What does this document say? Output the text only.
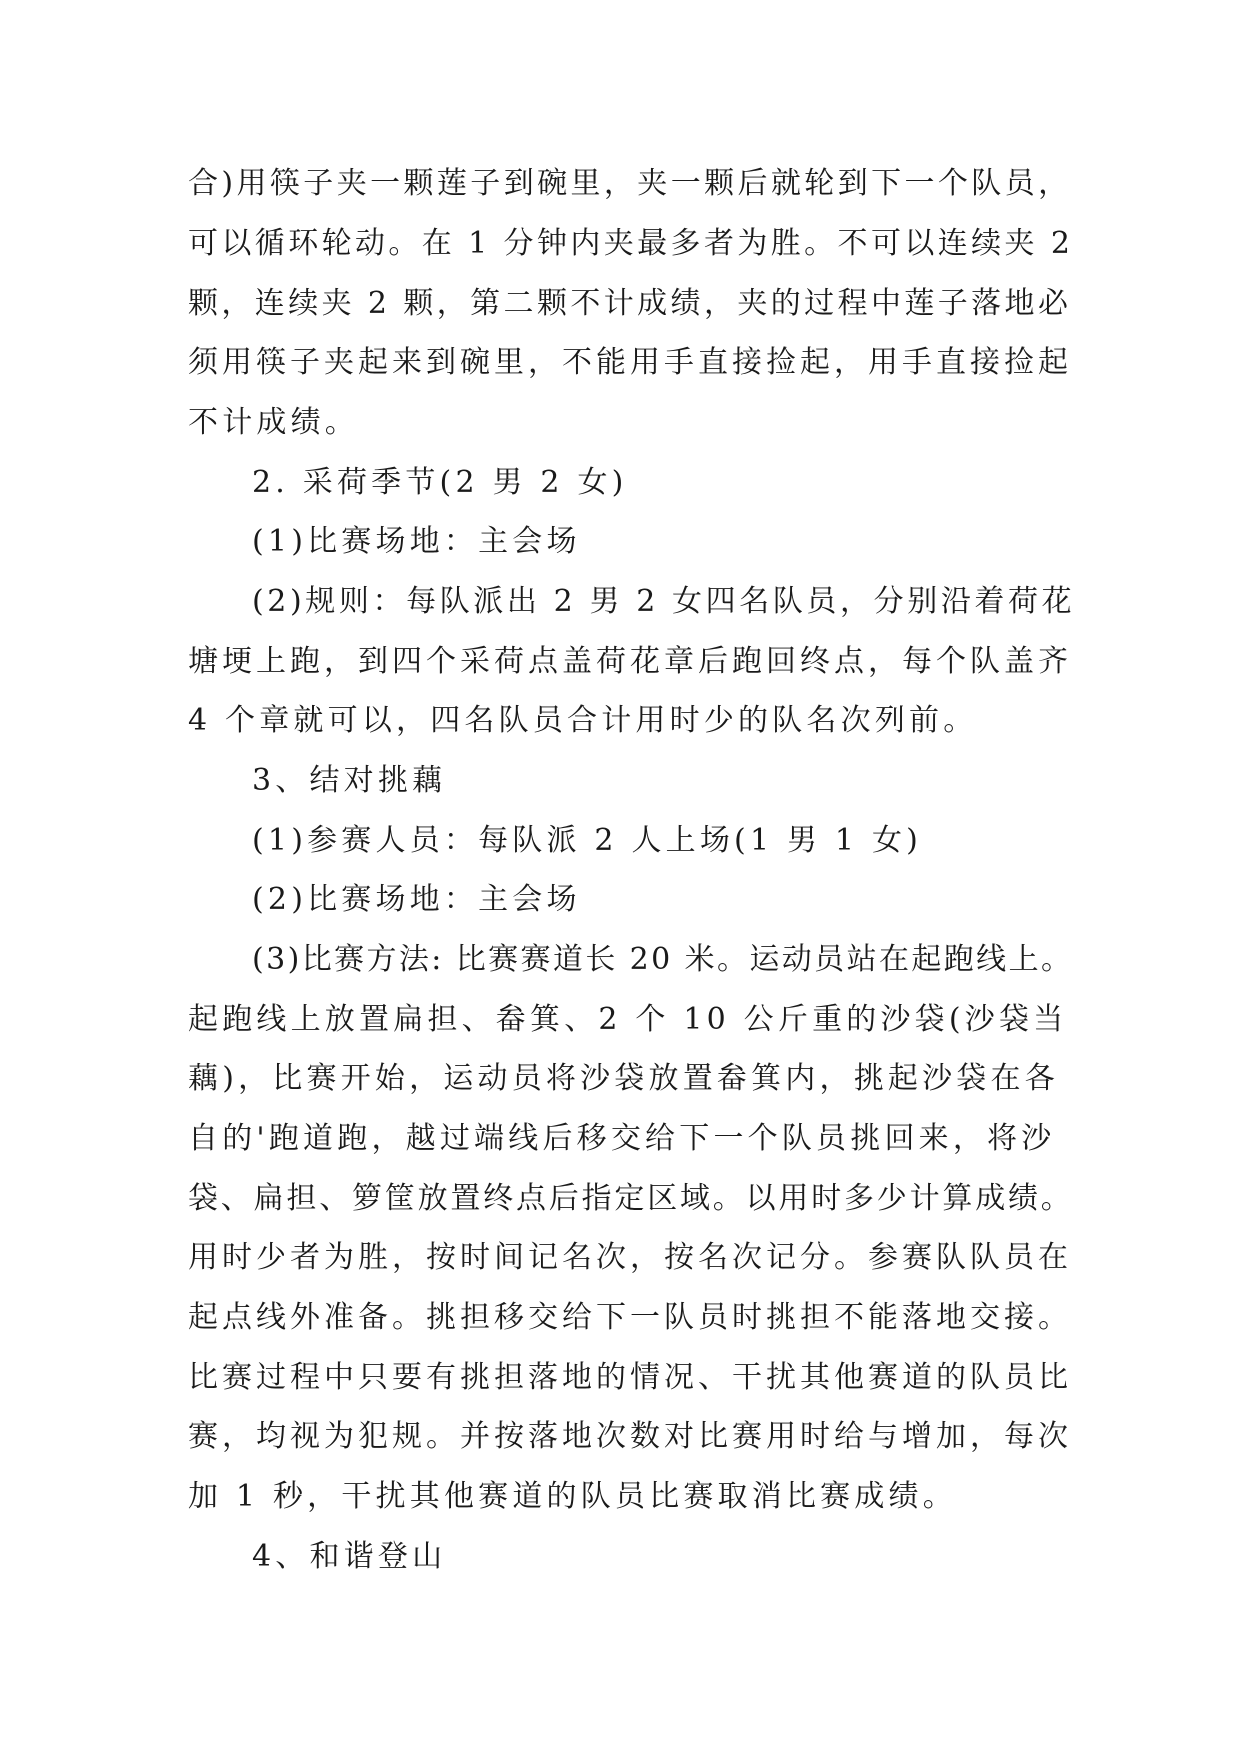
合)用筷子夹一颗莲子到碗里，夹一颗后就轮到下一个队员，
可以循环轮动。在 1 分钟内夹最多者为胜。不可以连续夹 2
颗，连续夹 2 颗，第二颗不计成绩，夹的过程中莲子落地必
须用筷子夹起来到碗里，不能用手直接捡起，用手直接捡起
不计成绩。
2. 采荷季节(2 男 2 女)
(1)比赛场地：主会场
(2)规则：每队派出 2 男 2 女四名队员，分别沿着荷花
塘埂上跑，到四个采荷点盖荷花章后跑回终点，每个队盖齐
4 个章就可以，四名队员合计用时少的队名次列前。
3、结对挑藕
(1)参赛人员：每队派 2 人上场(1 男 1 女)
(2)比赛场地：主会场
(3)比赛方法: 比赛赛道长 20 米。运动员站在起跑线上。
起跑线上放置扁担、畚箕、2 个 10 公斤重的沙袋(沙袋当
藕)，比赛开始，运动员将沙袋放置畚箕内，挑起沙袋在各
自的'跑道跑，越过端线后移交给下一个队员挑回来，将沙
袋、扁担、箩筐放置终点后指定区域。以用时多少计算成绩。
用时少者为胜，按时间记名次，按名次记分。参赛队队员在
起点线外准备。挑担移交给下一队员时挑担不能落地交接。
比赛过程中只要有挑担落地的情况、干扰其他赛道的队员比
赛，均视为犯规。并按落地次数对比赛用时给与增加，每次
加 1 秒，干扰其他赛道的队员比赛取消比赛成绩。
4、和谐登山
